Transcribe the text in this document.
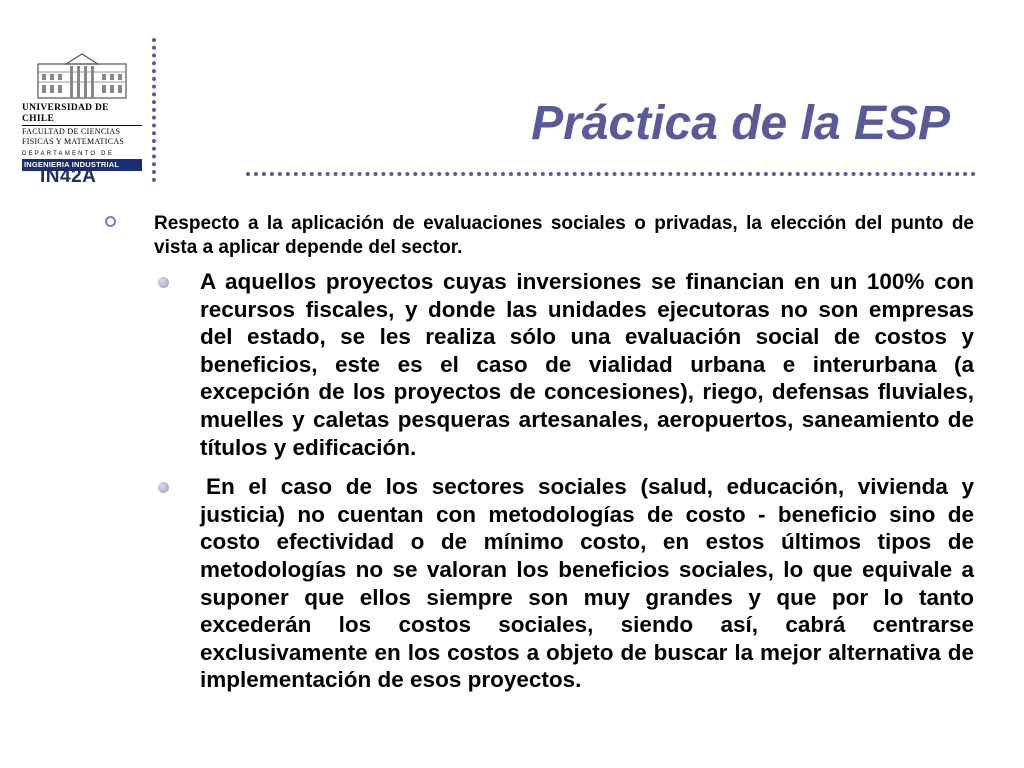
UNIVERSIDAD DE CHILE
FACULTAD DE CIENCIAS
FISICAS Y MATEMATICAS
DEPARTAMENTO DE
INGENIERIA INDUSTRIAL
IN42A
Práctica de la ESP
Respecto a la aplicación de evaluaciones sociales o privadas, la elección del punto de vista a aplicar depende del sector.
A aquellos proyectos cuyas inversiones se financian en un 100% con recursos fiscales, y donde las unidades ejecutoras no son empresas del estado, se les realiza sólo una evaluación social de costos y beneficios, este es el caso de vialidad urbana e interurbana (a excepción de los proyectos de concesiones), riego, defensas fluviales, muelles y caletas pesqueras artesanales, aeropuertos, saneamiento de títulos y edificación.
En el caso de los sectores sociales (salud, educación, vivienda y justicia) no cuentan con metodologías de costo - beneficio sino de costo efectividad o de mínimo costo, en estos últimos tipos de metodologías no se valoran los beneficios sociales, lo que equivale a suponer que ellos siempre son muy grandes y que por lo tanto excederán los costos sociales, siendo así, cabrá centrarse exclusivamente en los costos a objeto de buscar la mejor alternativa de implementación de esos proyectos.
